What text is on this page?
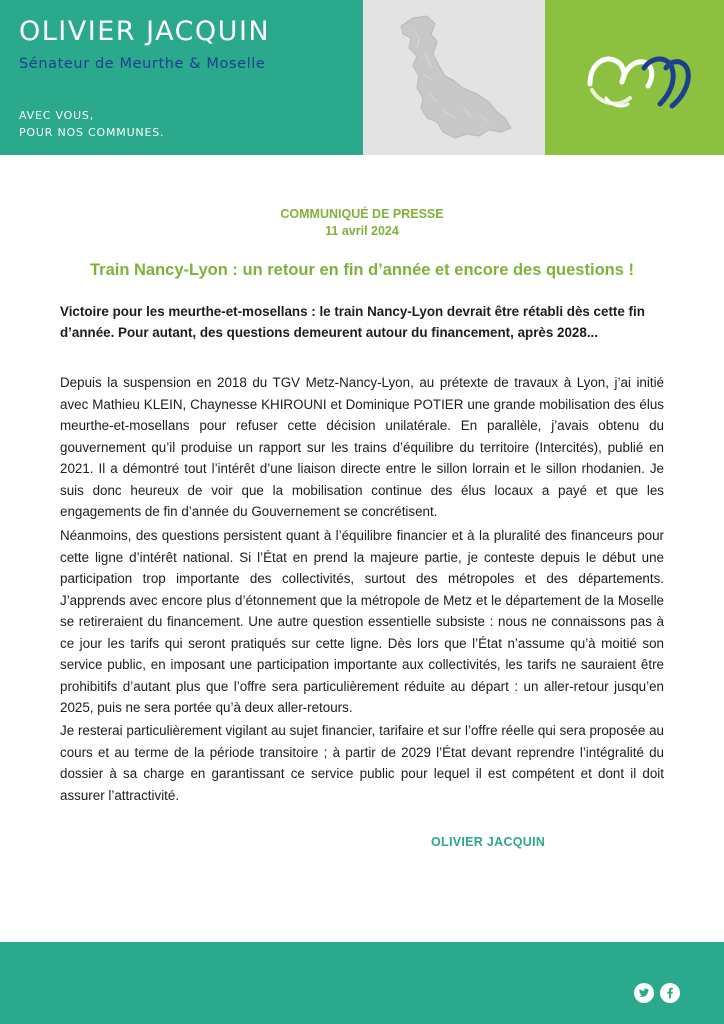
OLIVIER JACQUIN
Sénateur de Meurthe & Moselle
AVEC VOUS,
POUR NOS COMMUNES.
COMMUNIQUÉ DE PRESSE
11 avril 2024
Train Nancy-Lyon : un retour en fin d’année et encore des questions !
Victoire pour les meurthe-et-mosellans : le train Nancy-Lyon devrait être rétabli dès cette fin d’année. Pour autant, des questions demeurent autour du financement, après 2028...
Depuis la suspension en 2018 du TGV Metz-Nancy-Lyon, au prétexte de travaux à Lyon, j’ai initié avec Mathieu KLEIN, Chaynesse KHIROUNI et Dominique POTIER une grande mobilisation des élus meurthe-et-mosellans pour refuser cette décision unilatérale. En parallèle, j’avais obtenu du gouvernement qu’il produise un rapport sur les trains d’équilibre du territoire (Intercités), publié en 2021. Il a démontré tout l’intérêt d’une liaison directe entre le sillon lorrain et le sillon rhodanien. Je suis donc heureux de voir que la mobilisation continue des élus locaux a payé et que les engagements de fin d’année du Gouvernement se concrétisent.
Néanmoins, des questions persistent quant à l’équilibre financier et à la pluralité des financeurs pour cette ligne d’intérêt national. Si l’État en prend la majeure partie, je conteste depuis le début une participation trop importante des collectivités, surtout des métropoles et des départements. J’apprends avec encore plus d’étonnement que la métropole de Metz et le département de la Moselle se retireraient du financement. Une autre question essentielle subsiste : nous ne connaissons pas à ce jour les tarifs qui seront pratiqués sur cette ligne. Dès lors que l’État n’assume qu’à moitié son service public, en imposant une participation importante aux collectivités, les tarifs ne sauraient être prohibitifs d’autant plus que l’offre sera particulièrement réduite au départ : un aller-retour jusqu’en 2025, puis ne sera portée qu’à deux aller-retours.
Je resterai particulièrement vigilant au sujet financier, tarifaire et sur l’offre réelle qui sera proposée au cours et au terme de la période transitoire ; à partir de 2029 l’État devant reprendre l’intégralité du dossier à sa charge en garantissant ce service public pour lequel il est compétent et dont il doit assurer l’attractivité.
OLIVIER JACQUIN
